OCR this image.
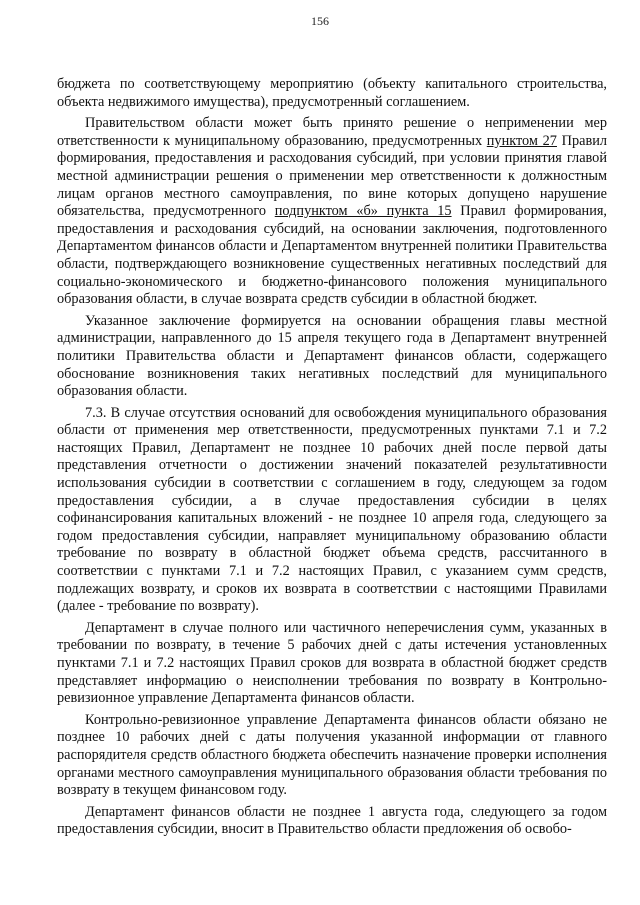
156

бюджета по соответствующему мероприятию (объекту капитального строительства, объекта недвижимого имущества), предусмотренный соглашением.

Правительством области может быть принято решение о неприменении мер ответственности к муниципальному образованию, предусмотренных пунктом 27 Правил формирования, предоставления и расходования субсидий, при условии принятия главой местной администрации решения о применении мер ответственности к должностным лицам органов местного самоуправления, по вине которых допущено нарушение обязательства, предусмотренного подпунктом «б» пункта 15 Правил формирования, предоставления и расходования субсидий, на основании заключения, подготовленного Департаментом финансов области и Департаментом внутренней политики Правительства области, подтверждающего возникновение существенных негативных последствий для социально-экономического и бюджетно-финансового положения муниципального образования области, в случае возврата средств субсидии в областной бюджет.

Указанное заключение формируется на основании обращения главы местной администрации, направленного до 15 апреля текущего года в Департамент внутренней политики Правительства области и Департамент финансов области, содержащего обоснование возникновения таких негативных последствий для муниципального образования области.

7.3. В случае отсутствия оснований для освобождения муниципального образования области от применения мер ответственности, предусмотренных пунктами 7.1 и 7.2 настоящих Правил, Департамент не позднее 10 рабочих дней после первой даты представления отчетности о достижении значений показателей результативности использования субсидии в соответствии с соглашением в году, следующем за годом предоставления субсидии, а в случае предоставления субсидии в целях софинансирования капитальных вложений - не позднее 10 апреля года, следующего за годом предоставления субсидии, направляет муниципальному образованию области требование по возврату в областной бюджет объема средств, рассчитанного в соответствии с пунктами 7.1 и 7.2 настоящих Правил, с указанием сумм средств, подлежащих возврату, и сроков их возврата в соответствии с настоящими Правилами (далее - требование по возврату).

Департамент в случае полного или частичного неперечисления сумм, указанных в требовании по возврату, в течение 5 рабочих дней с даты истечения установленных пунктами 7.1 и 7.2 настоящих Правил сроков для возврата в областной бюджет средств представляет информацию о неисполнении требования по возврату в Контрольно-ревизионное управление Департамента финансов области.

Контрольно-ревизионное управление Департамента финансов области обязано не позднее 10 рабочих дней с даты получения указанной информации от главного распорядителя средств областного бюджета обеспечить назначение проверки исполнения органами местного самоуправления муниципального образования области требования по возврату в текущем финансовом году.

Департамент финансов области не позднее 1 августа года, следующего за годом предоставления субсидии, вносит в Правительство области предложения об освобо-
